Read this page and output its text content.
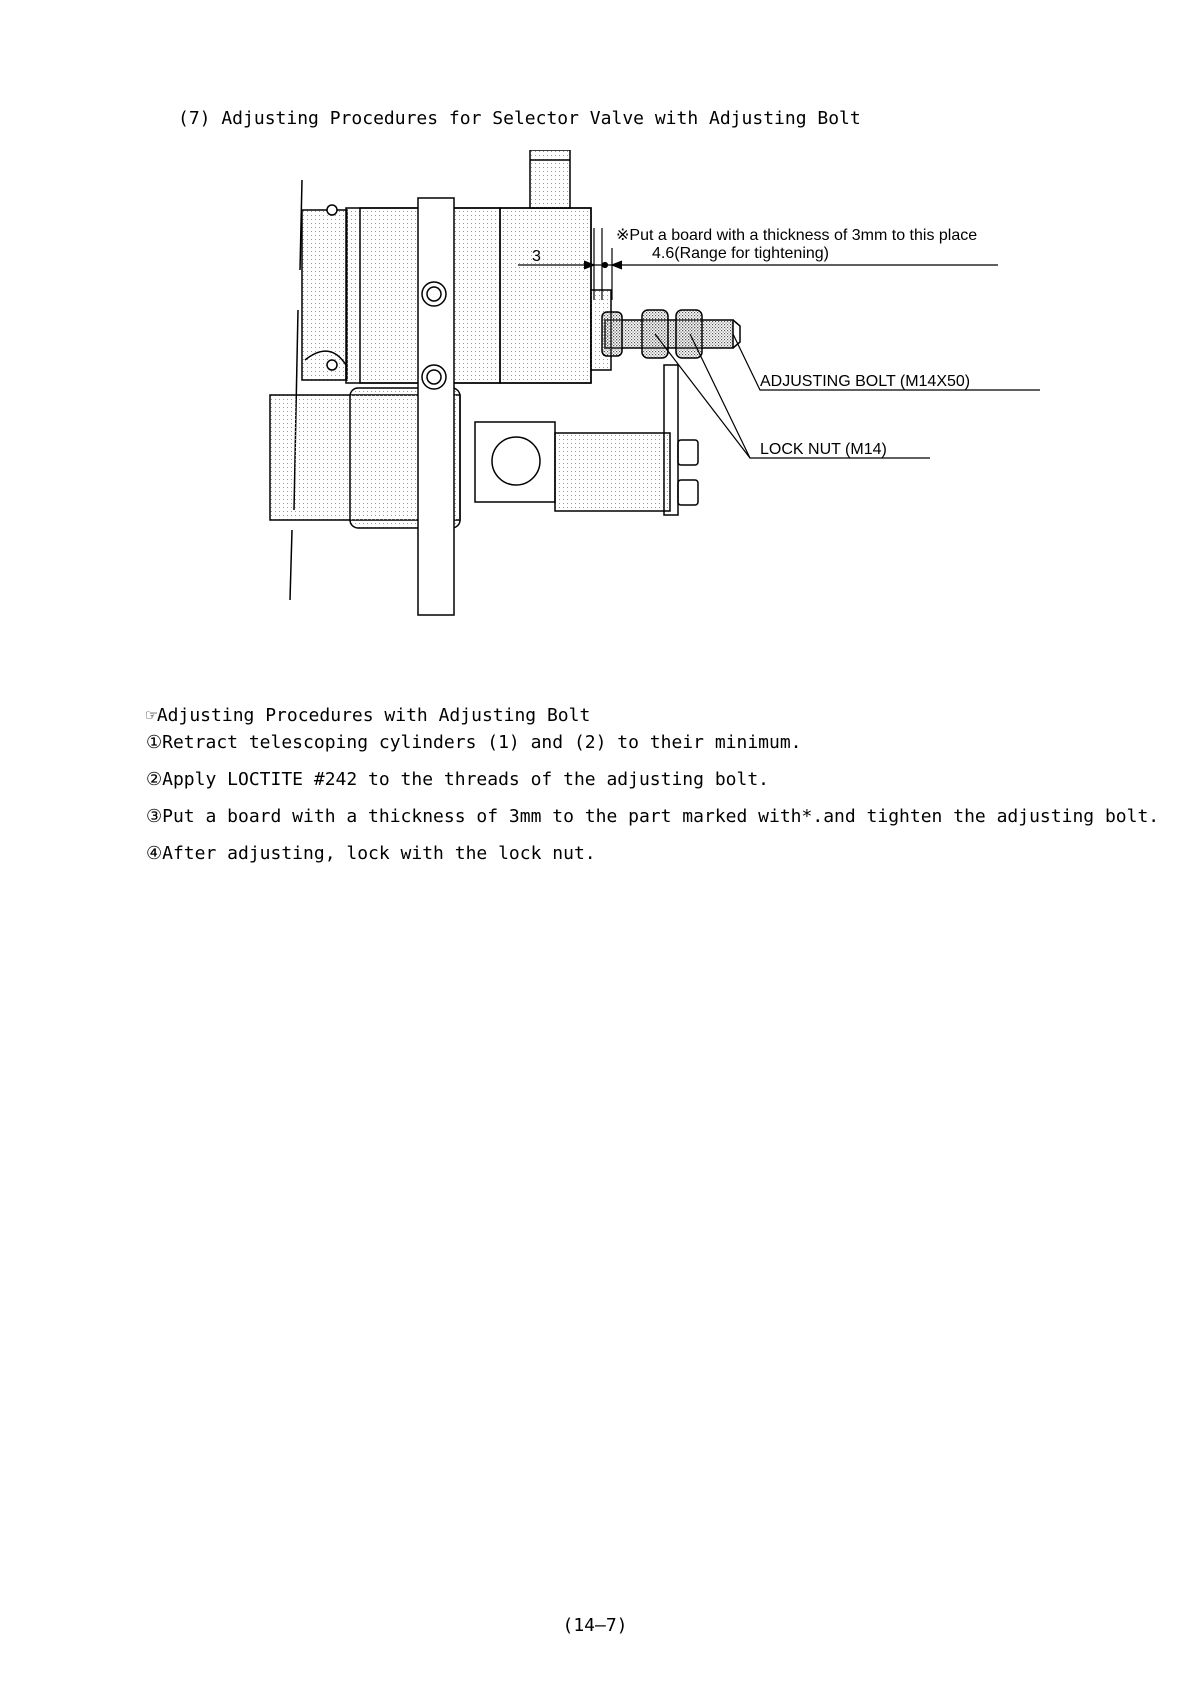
(7) Adjusting Procedures for Selector Valve with Adjusting Bolt
3
※Put a board with a thickness of 3mm to this place
4.6(Range for tightening)
ADJUSTING BOLT (M14X50)
LOCK NUT (M14)
☞Adjusting Procedures with Adjusting Bolt
①Retract telescoping cylinders (1) and (2) to their minimum.
②Apply LOCTITE #242 to the threads of the adjusting bolt.
③Put a board with a thickness of 3mm to the part marked with*.and tighten the adjusting bolt.
④After adjusting, lock with the lock nut.
(14—7)
